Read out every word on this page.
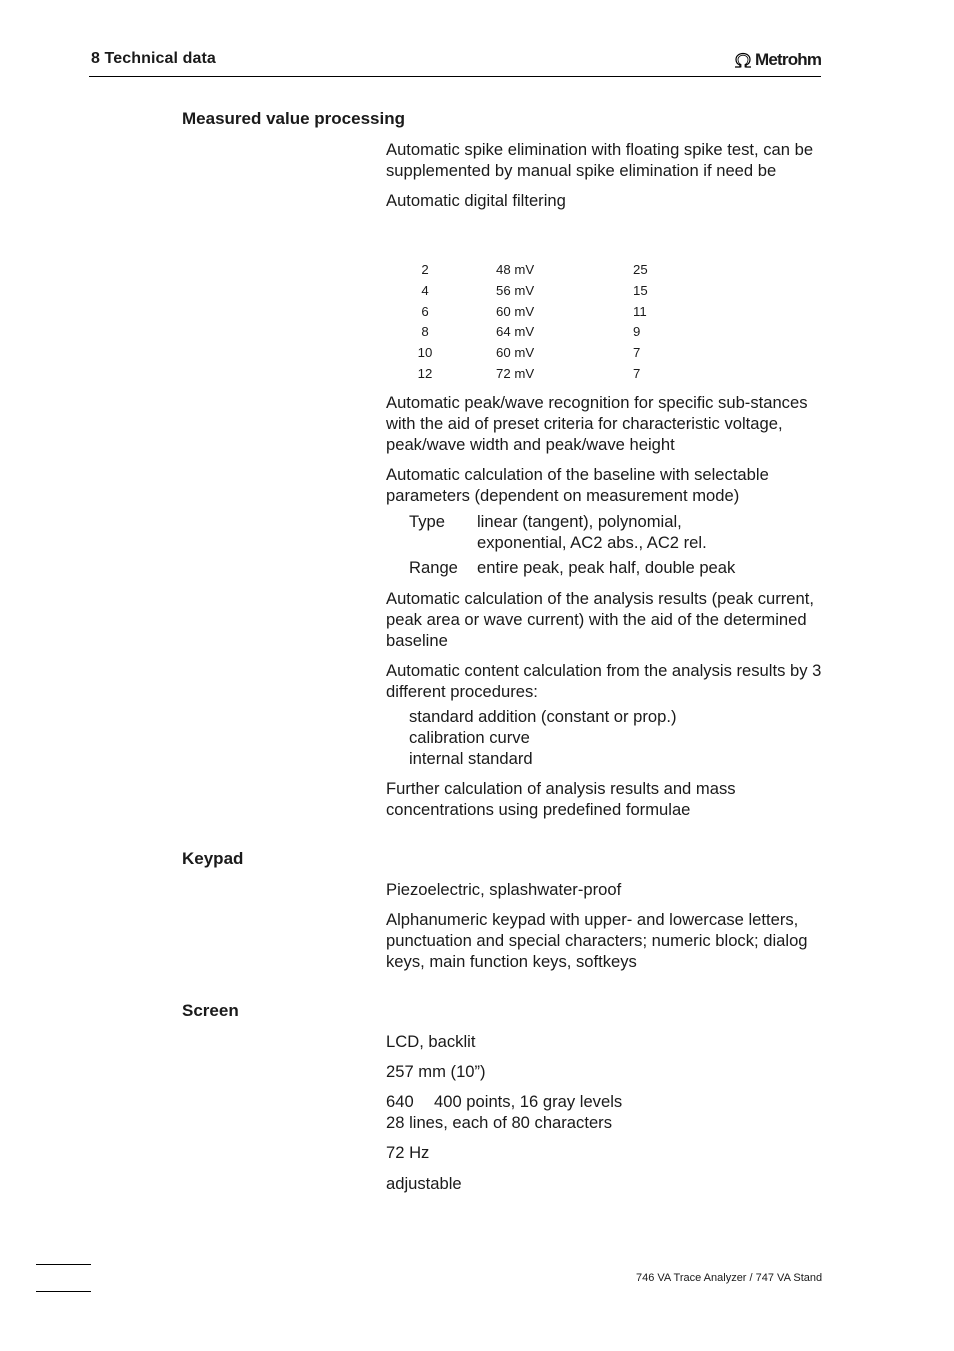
8 Technical data	Metrohm
Measured value processing
Automatic spike elimination with floating spike test, can be supplemented by manual spike elimination if need be
Automatic digital filtering
2	48 mV	25
4	56 mV	15
6	60 mV	11
8	64 mV	9
10	60 mV	7
12	72 mV	7
Automatic peak/wave recognition for specific sub-stances with the aid of preset criteria for characteristic voltage, peak/wave width and peak/wave height
Automatic calculation of the baseline with selectable parameters (dependent on measurement mode)
Type	linear (tangent), polynomial,
exponential, AC2 abs., AC2 rel.
Range	entire peak, peak half, double peak
Automatic calculation of the analysis results (peak current, peak area or wave current) with the aid of the determined baseline
Automatic content calculation from the analysis results by 3 different procedures:
standard addition (constant or prop.)
calibration curve
internal standard
Further calculation of analysis results and mass concentrations using predefined formulae
Keypad
Piezoelectric, splashwater-proof
Alphanumeric keypad with upper- and lowercase letters, punctuation and special characters; numeric block; dialog keys, main function keys, softkeys
Screen
LCD, backlit
257 mm (10”)
640	400 points, 16 gray levels
28 lines, each of 80 characters
72 Hz
adjustable
746 VA Trace Analyzer / 747 VA Stand
